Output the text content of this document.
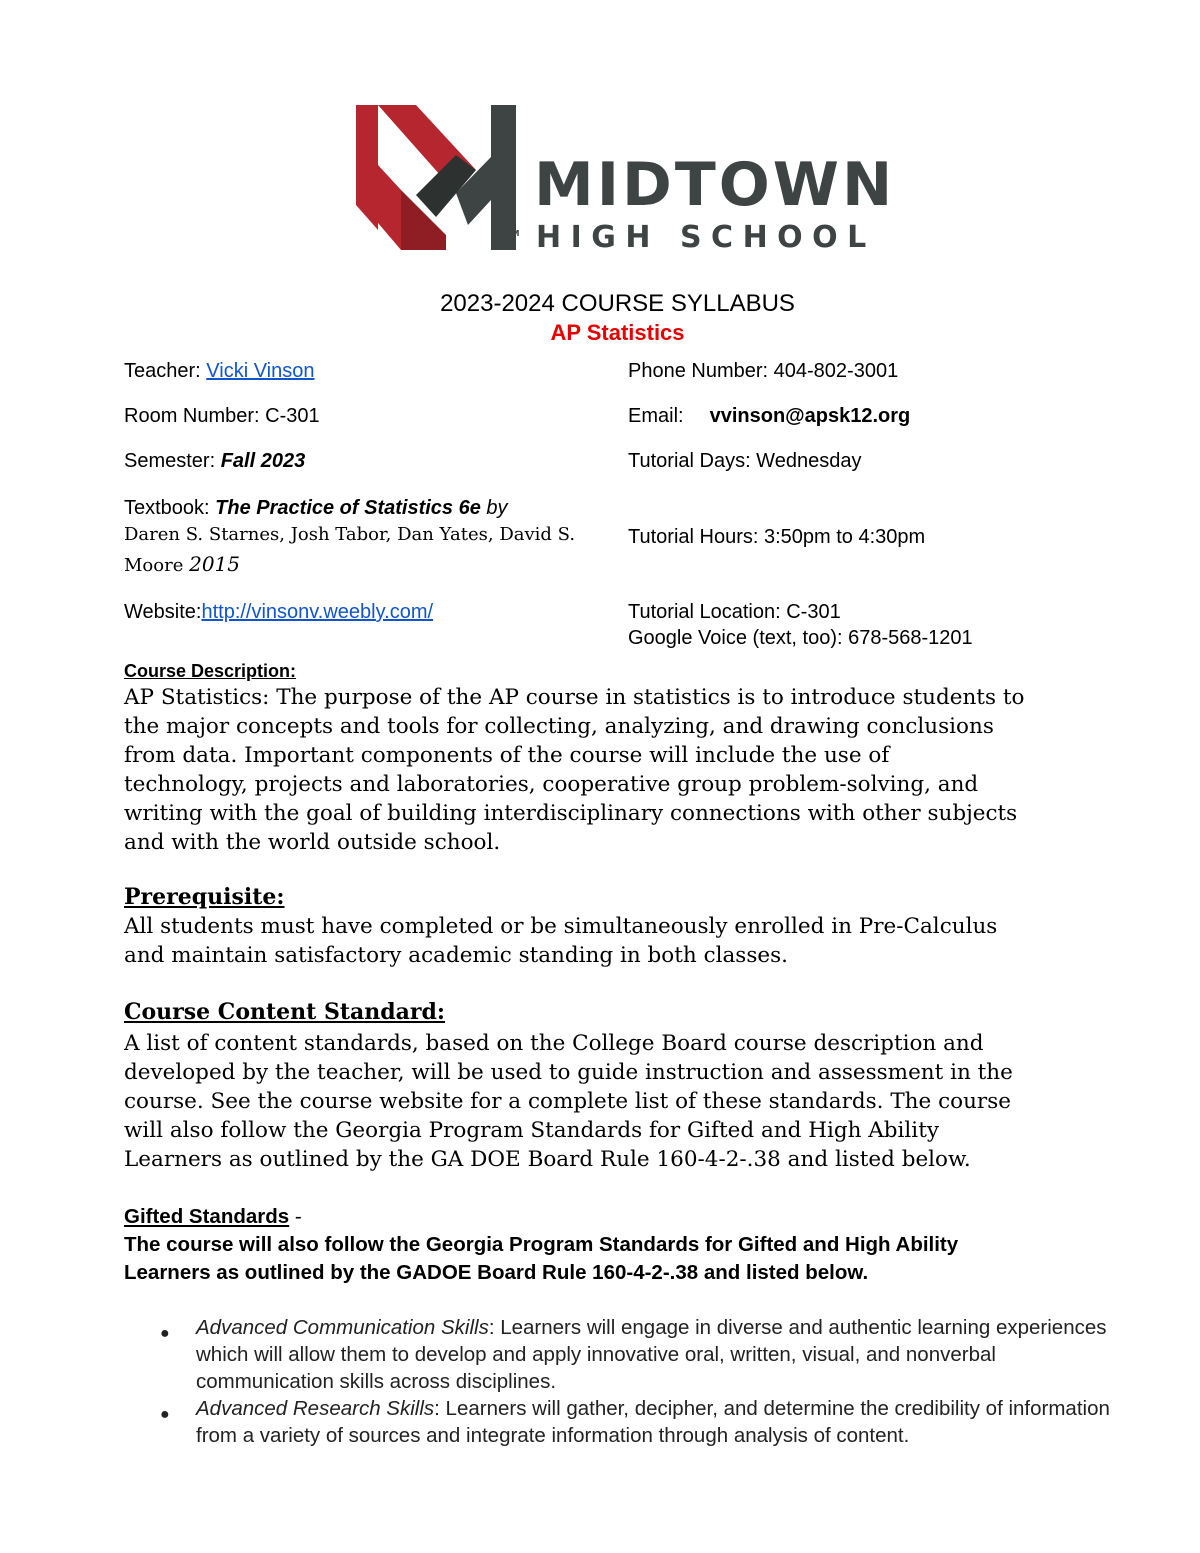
TM
MIDTOWN
HIGH SCHOOL
2023-2024 COURSE SYLLABUS
AP Statistics
Teacher: Vicki Vinson
Room Number: C-301
Semester: Fall 2023
Textbook: The Practice of Statistics 6e by
Daren S. Starnes, Josh Tabor, Dan Yates, David S.
Moore 2015
Website:http://vinsonv.weebly.com/
Phone Number: 404-802-3001
Email: vvinson@apsk12.org
Tutorial Days: Wednesday
Tutorial Hours: 3:50pm to 4:30pm
Tutorial Location: C-301
Google Voice (text, too): 678-568-1201
Course Description:
AP Statistics: The purpose of the AP course in statistics is to introduce students to
the major concepts and tools for collecting, analyzing, and drawing conclusions
from data. Important components of the course will include the use of
technology, projects and laboratories, cooperative group problem-solving, and
writing with the goal of building interdisciplinary connections with other subjects
and with the world outside school.
Prerequisite:
All students must have completed or be simultaneously enrolled in Pre-Calculus
and maintain satisfactory academic standing in both classes.
Course Content Standard:
A list of content standards, based on the College Board course description and
developed by the teacher, will be used to guide instruction and assessment in the
course. See the course website for a complete list of these standards. The course
will also follow the Georgia Program Standards for Gifted and High Ability
Learners as outlined by the GA DOE Board Rule 160-4-2-.38 and listed below.
Gifted Standards -
The course will also follow the Georgia Program Standards for Gifted and High Ability
Learners as outlined by the GADOE Board Rule 160-4-2-.38 and listed below.
● Advanced Communication Skills: Learners will engage in diverse and authentic learning experiences which will allow them to develop and apply innovative oral, written, visual, and nonverbal communication skills across disciplines.
● Advanced Research Skills: Learners will gather, decipher, and determine the credibility of information from a variety of sources and integrate information through analysis of content.
